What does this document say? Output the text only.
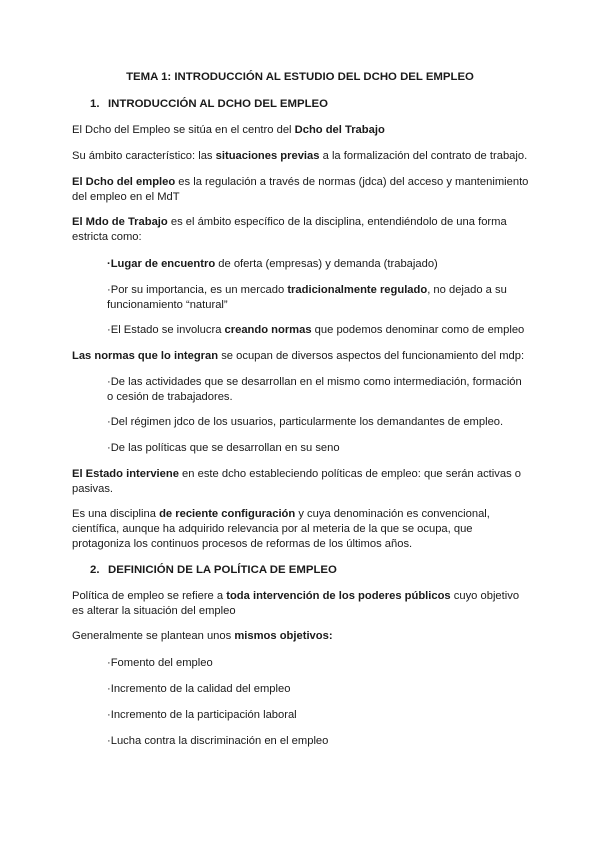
TEMA 1: INTRODUCCIÓN AL ESTUDIO DEL DCHO DEL EMPLEO

1. INTRODUCCIÓN AL DCHO DEL EMPLEO

El Dcho del Empleo se sitúa en el centro del Dcho del Trabajo

Su ámbito característico: las situaciones previas a la formalización del contrato de trabajo.

El Dcho del empleo es la regulación a través de normas (jdca) del acceso y mantenimiento del empleo en el MdT

El Mdo de Trabajo es el ámbito específico de la disciplina, entendiéndolo de una forma estricta como:

·Lugar de encuentro de oferta (empresas) y demanda (trabajado)

·Por su importancia, es un mercado tradicionalmente regulado, no dejado a su funcionamiento “natural”

·El Estado se involucra creando normas que podemos denominar como de empleo

Las normas que lo integran se ocupan de diversos aspectos del funcionamiento del mdp:

·De las actividades que se desarrollan en el mismo como intermediación, formación o cesión de trabajadores.

·Del régimen jdco de los usuarios, particularmente los demandantes de empleo.

·De las políticas que se desarrollan en su seno

El Estado interviene en este dcho estableciendo políticas de empleo: que serán activas o pasivas.

Es una disciplina de reciente configuración y cuya denominación es convencional, científica, aunque ha adquirido relevancia por al meteria de la que se ocupa, que protagoniza los continuos procesos de reformas de los últimos años.

2. DEFINICIÓN DE LA POLÍTICA DE EMPLEO

Política de empleo se refiere a toda intervención de los poderes públicos cuyo objetivo es alterar la situación del empleo

Generalmente se plantean unos mismos objetivos:

·Fomento del empleo

·Incremento de la calidad del empleo

·Incremento de la participación laboral

·Lucha contra la discriminación en el empleo
